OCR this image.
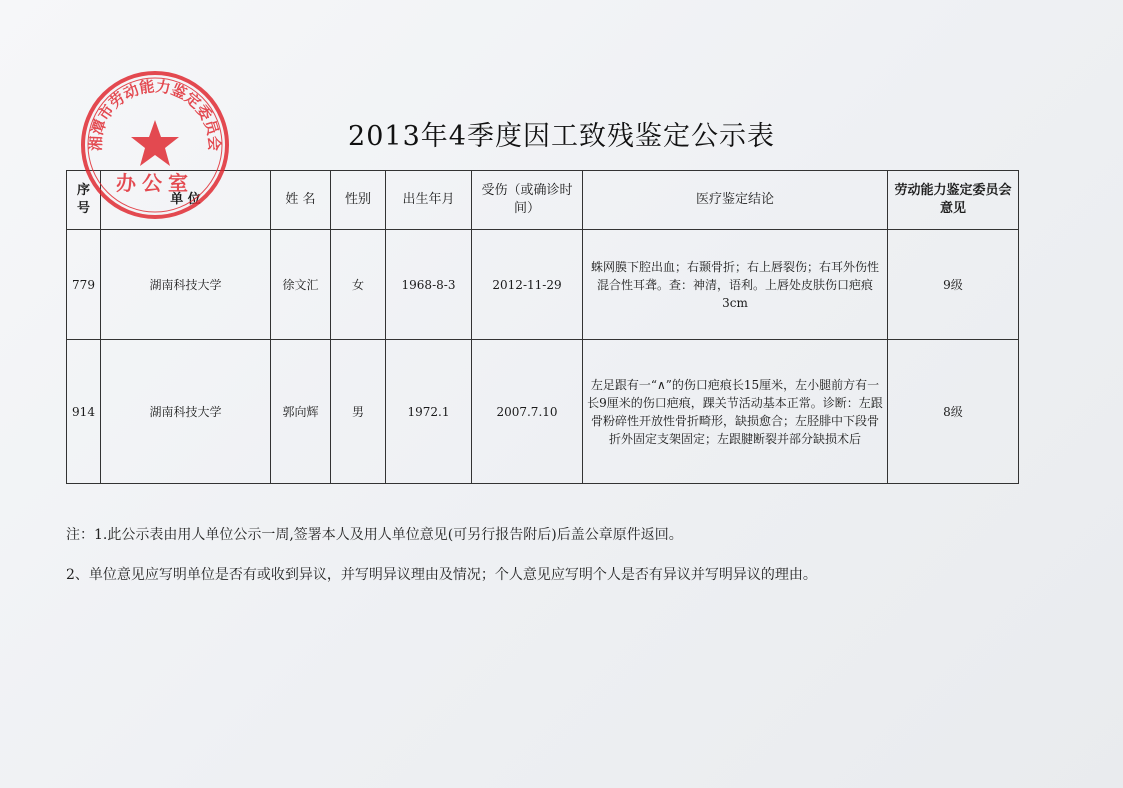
2013年4季度因工致残鉴定公示表
序号	单 位	姓 名	性别	出生年月	受伤（或确诊时间）	医疗鉴定结论	劳动能力鉴定委员会意见
779	湖南科技大学	徐文汇	女	1968-8-3	2012-11-29	蛛网膜下腔出血；右颞骨折；右上唇裂伤；右耳外伤性混合性耳聋。查：神清，语利。上唇处皮肤伤口疤痕3cm	9级
914	湖南科技大学	郭向辉	男	1972.1	2007.7.10	左足跟有一“∧”的伤口疤痕长15厘米，左小腿前方有一长9厘米的伤口疤痕，踝关节活动基本正常。诊断：左跟骨粉碎性开放性骨折畸形，缺损愈合；左胫腓中下段骨折外固定支架固定；左跟腱断裂并部分缺损术后	8级
注：1.此公示表由用人单位公示一周,签署本人及用人单位意见(可另行报告附后)后盖公章原件返回。
2、单位意见应写明单位是否有或收到异议，并写明异议理由及情况；个人意见应写明个人是否有异议并写明异议的理由。
湘潭市劳动能力鉴定委员会
办公室
